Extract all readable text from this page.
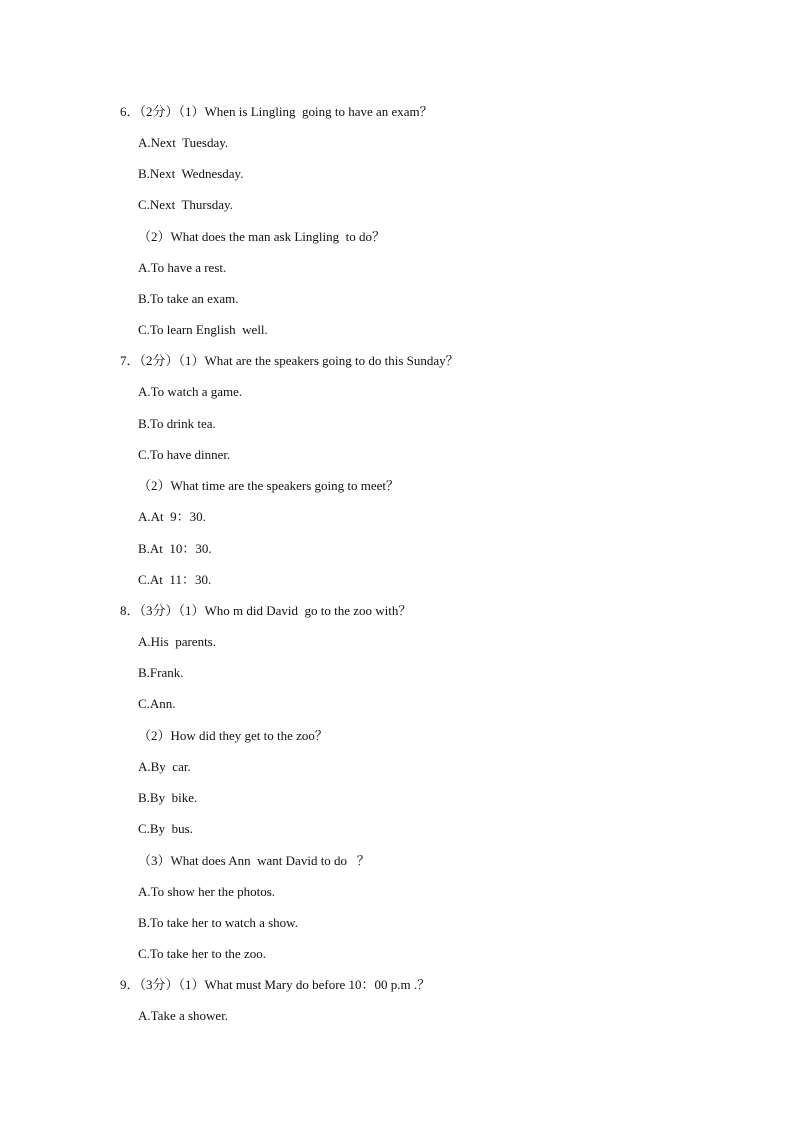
6．（2分）（1）When is Lingling  going to have an exam？
A.Next  Tuesday.
B.Next  Wednesday.
C.Next  Thursday.
（2）What does the man ask Lingling  to do？
A.To have a rest.
B.To take an exam.
C.To learn English  well.
7．（2分）（1）What are the speakers going to do this Sunday？
A.To watch a game.
B.To drink tea.
C.To have dinner.
（2）What time are the speakers going to meet？
A.At  9：30.
B.At  10：30.
C.At  11：30.
8．（3分）（1）Who m did David  go to the zoo with？
A.His  parents.
B.Frank.
C.Ann.
（2）How did they get to the zoo？
A.By  car.
B.By  bike.
C.By  bus.
（3）What does Ann  want David to do   ？
A.To show her the photos.
B.To take her to watch a show.
C.To take her to the zoo.
9．（3分）（1）What must Mary do before 10：00 p.m .？
A.Take a shower.
